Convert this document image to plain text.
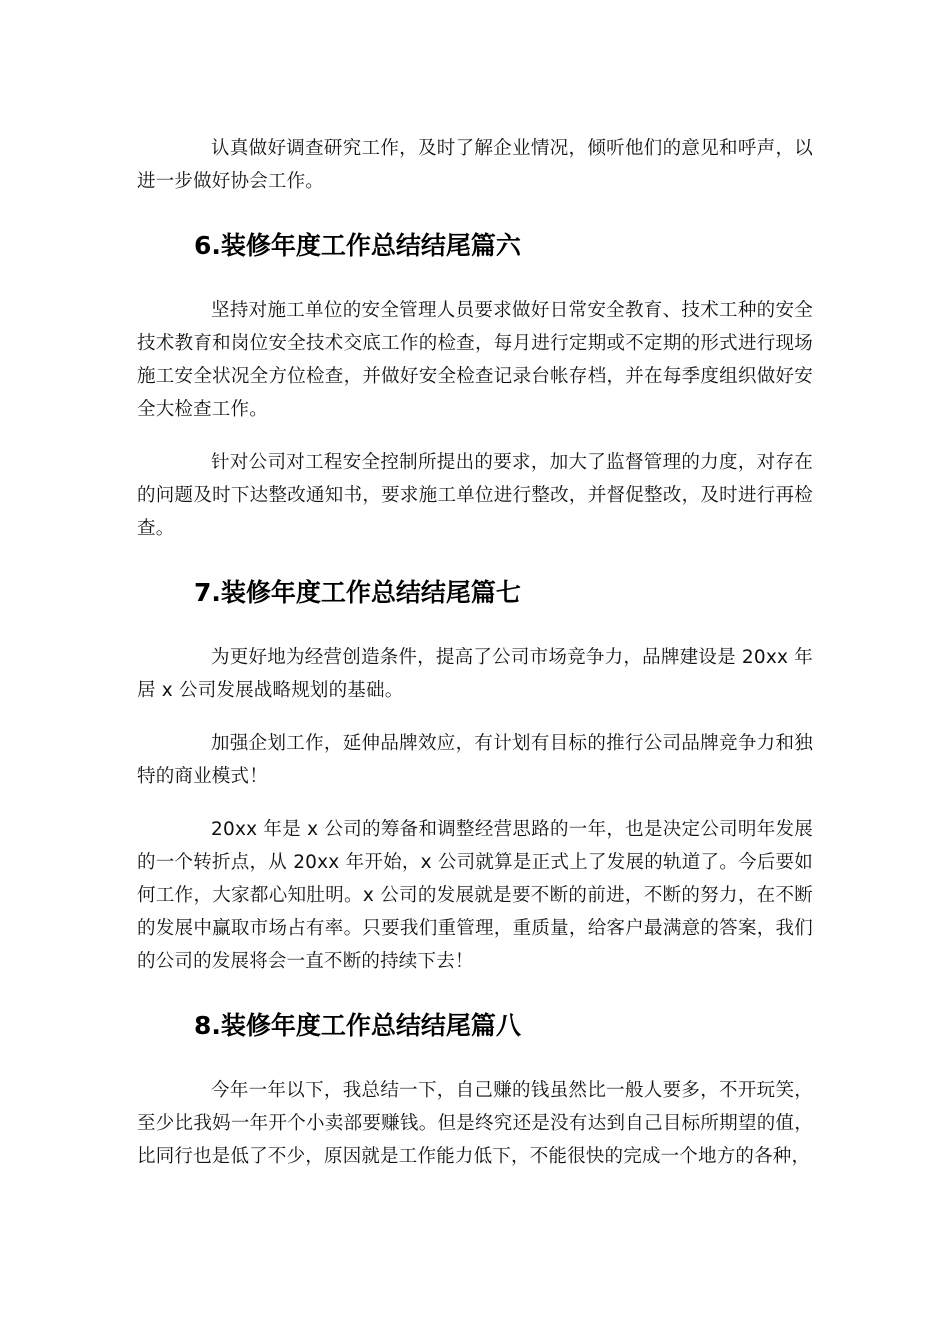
认真做好调查研究工作，及时了解企业情况，倾听他们的意见和呼声，以进一步做好协会工作。

6.装修年度工作总结结尾篇六

坚持对施工单位的安全管理人员要求做好日常安全教育、技术工种的安全技术教育和岗位安全技术交底工作的检查，每月进行定期或不定期的形式进行现场施工安全状况全方位检查，并做好安全检查记录台帐存档，并在每季度组织做好安全大检查工作。

针对公司对工程安全控制所提出的要求，加大了监督管理的力度，对存在的问题及时下达整改通知书，要求施工单位进行整改，并督促整改，及时进行再检查。

7.装修年度工作总结结尾篇七

为更好地为经营创造条件，提高了公司市场竞争力，品牌建设是 20xx 年居 x 公司发展战略规划的基础。

加强企划工作，延伸品牌效应，有计划有目标的推行公司品牌竞争力和独特的商业模式！

20xx 年是 x 公司的筹备和调整经营思路的一年，也是决定公司明年发展的一个转折点，从 20xx 年开始，x 公司就算是正式上了发展的轨道了。今后要如何工作，大家都心知肚明。x 公司的发展就是要不断的前进，不断的努力，在不断的发展中赢取市场占有率。只要我们重管理，重质量，给客户最满意的答案，我们的公司的发展将会一直不断的持续下去！

8.装修年度工作总结结尾篇八

今年一年以下，我总结一下，自己赚的钱虽然比一般人要多，不开玩笑，至少比我妈一年开个小卖部要赚钱。但是终究还是没有达到自己目标所期望的值，比同行也是低了不少，原因就是工作能力低下，不能很快的完成一个地方的各种，
